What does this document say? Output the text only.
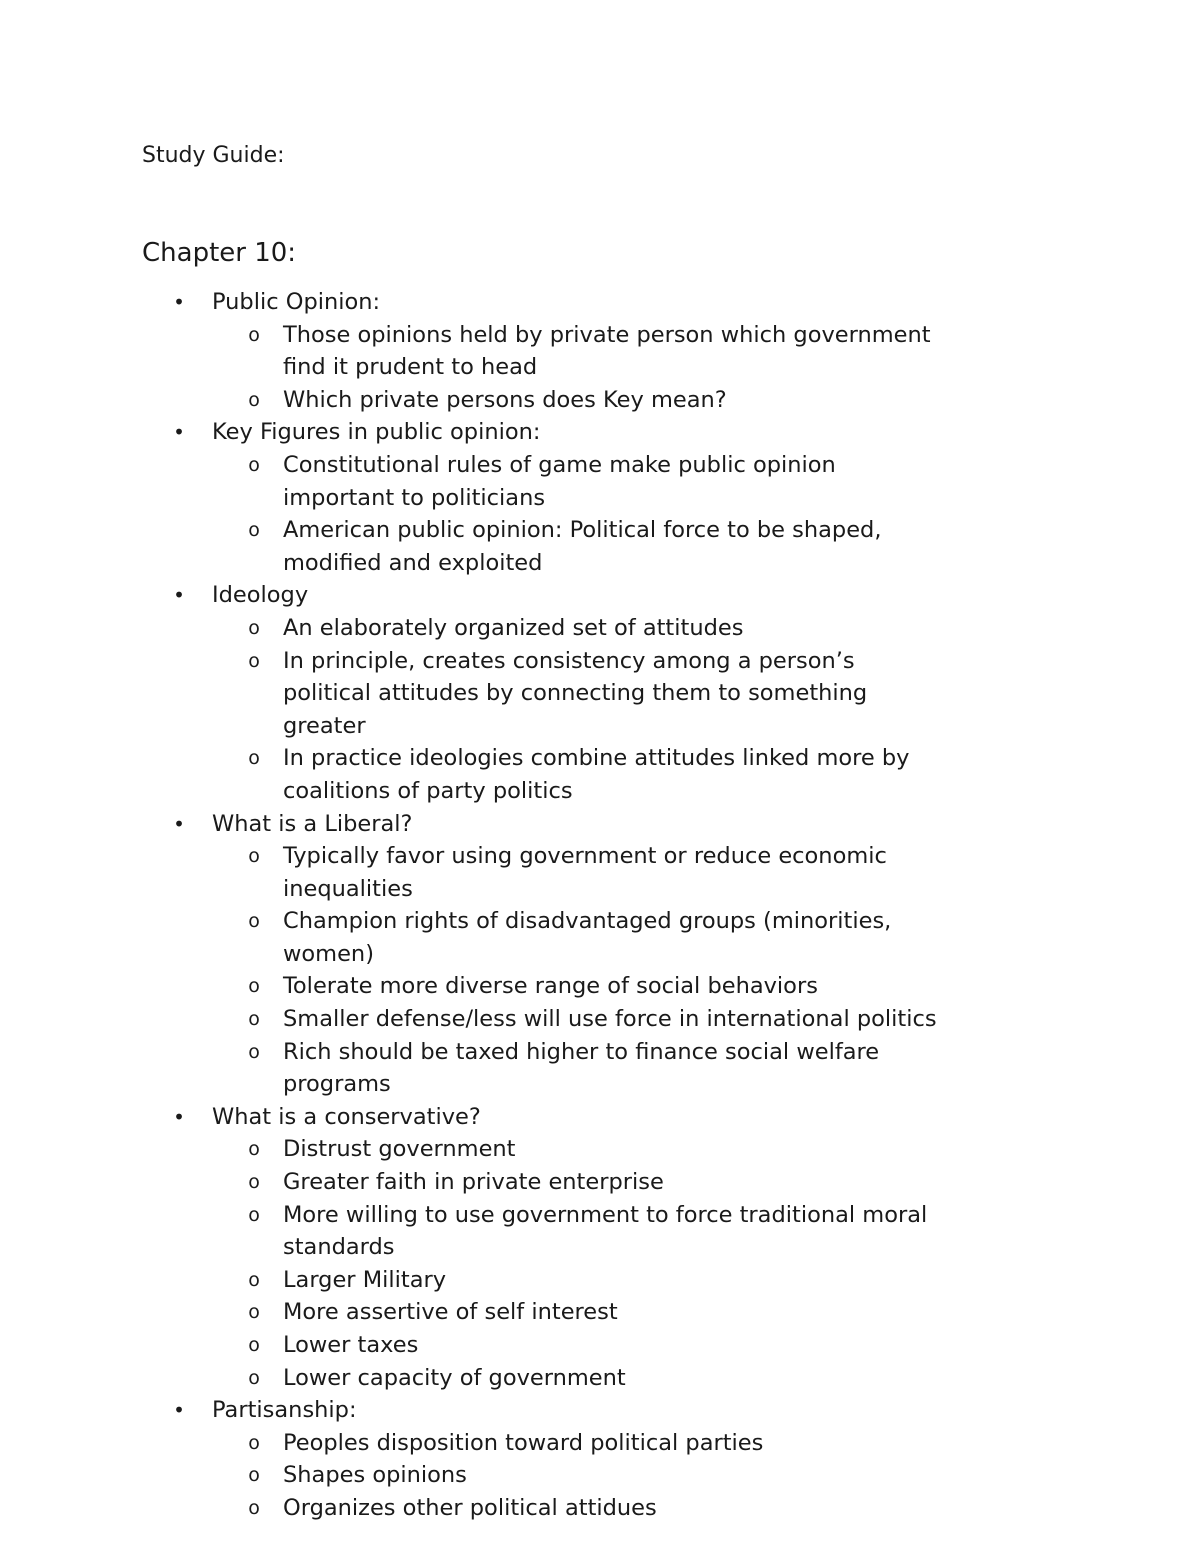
Study Guide:
Chapter 10:
• Public Opinion:
o Those opinions held by private person which government find it prudent to head
o Which private persons does Key mean?
• Key Figures in public opinion:
o Constitutional rules of game make public opinion important to politicians
o American public opinion: Political force to be shaped, modified and exploited
• Ideology
o An elaborately organized set of attitudes
o In principle, creates consistency among a person’s political attitudes by connecting them to something greater
o In practice ideologies combine attitudes linked more by coalitions of party politics
• What is a Liberal?
o Typically favor using government or reduce economic inequalities
o Champion rights of disadvantaged groups (minorities, women)
o Tolerate more diverse range of social behaviors
o Smaller defense/less will use force in international politics
o Rich should be taxed higher to finance social welfare programs
• What is a conservative?
o Distrust government
o Greater faith in private enterprise
o More willing to use government to force traditional moral standards
o Larger Military
o More assertive of self interest
o Lower taxes
o Lower capacity of government
• Partisanship:
o Peoples disposition toward political parties
o Shapes opinions
o Organizes other political attidues
